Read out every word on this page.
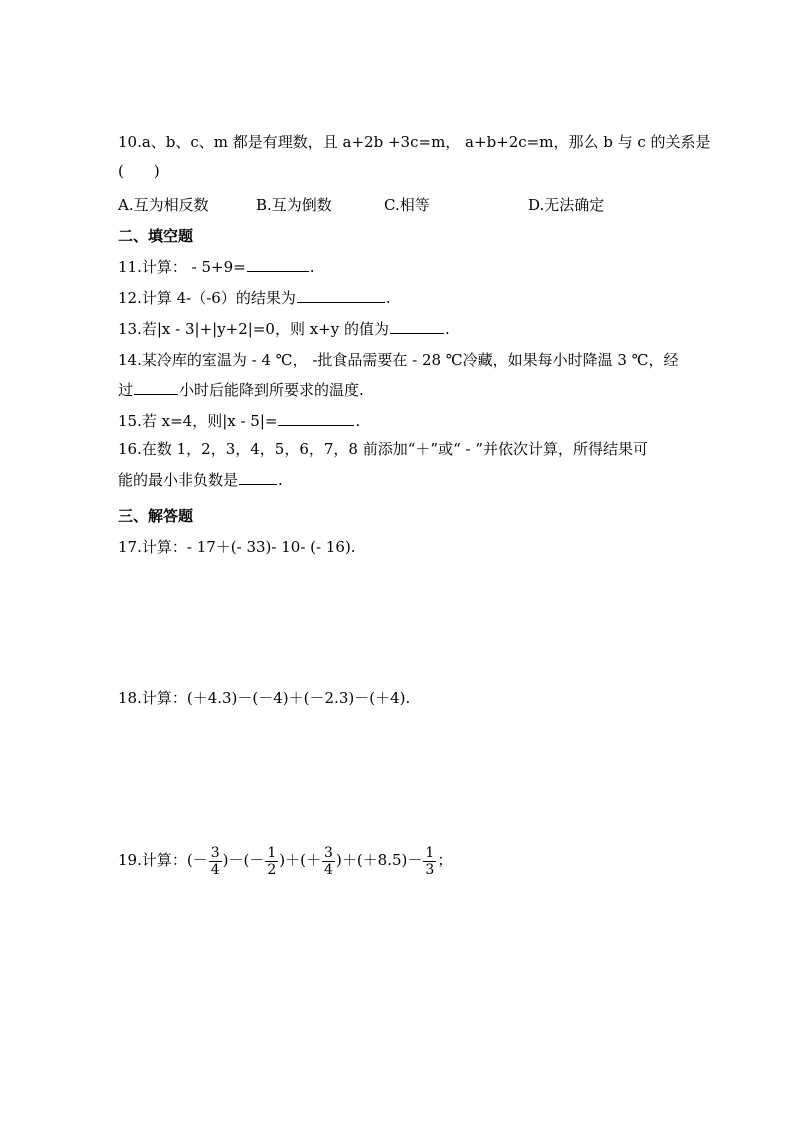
10.a、b、c、m 都是有理数，且 a+2b +3c=m， a+b+2c=m，那么 b 与 c 的关系是
(　　)
A.互为相反数	B.互为倒数	C.相等	D.无法确定
二、填空题
11.计算： - 5+9=	.
12.计算 4-（-6）的结果为	.
13.若|x - 3|+|y+2|=0，则 x+y 的值为	.
14.某冷库的室温为 - 4 ℃， -批食品需要在 - 28 ℃冷藏，如果每小时降温 3 ℃，经
过	小时后能降到所要求的温度.
15.若 x=4，则|x - 5|=	.
16.在数 1，2，3，4，5，6，7，8 前添加“＋”或“ - ”并依次计算，所得结果可
能的最小非负数是	.
三、解答题
17.计算：- 17＋(- 33)- 10- (- 16).
18.计算：(＋4.3)－(－4)＋(－2.3)－(＋4).
19.计算：(－ $\frac{3}{4}$ )－(－ $\frac{1}{2}$ )＋(＋ $\frac{3}{4} )+(+8.5)- \frac{1}{3}$ ；
